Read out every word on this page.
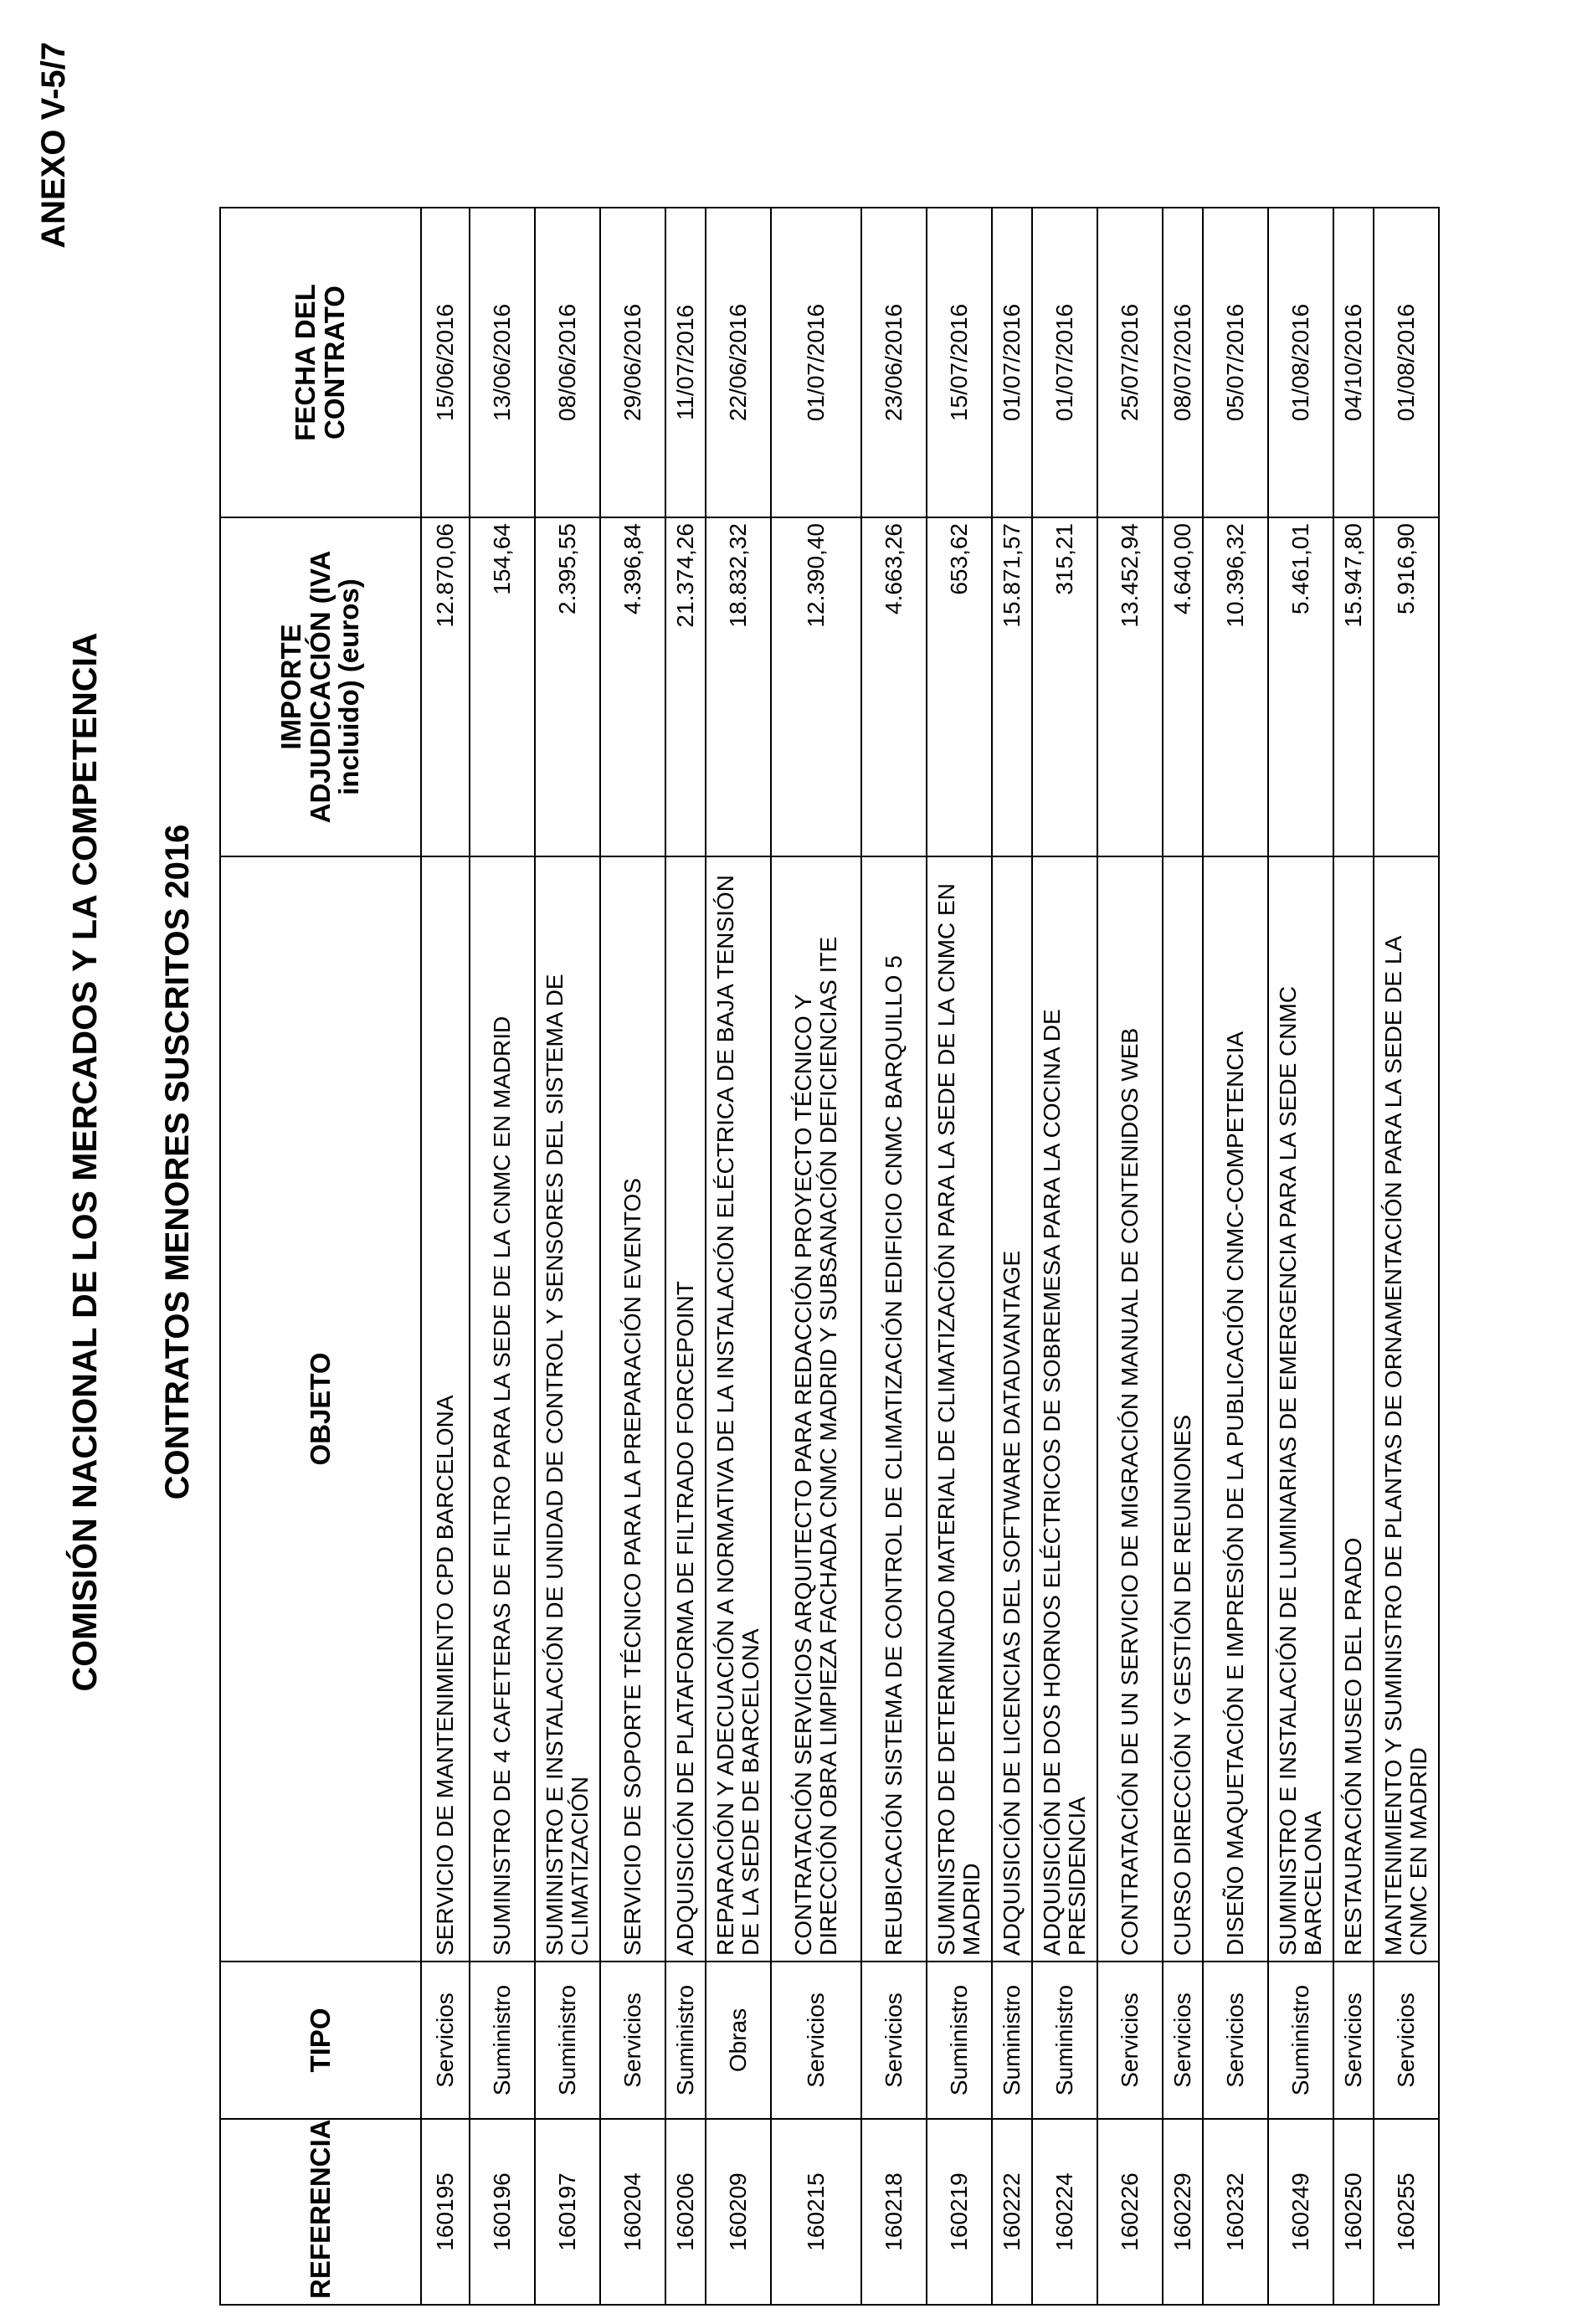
ANEXO V-5/7
COMISIÓN NACIONAL DE LOS MERCADOS Y LA COMPETENCIA CONTRATOS MENORES SUSCRITOS 2016
REFERENCIA	TIPO	OBJETO	IMPORTE ADJUDICACIÓN (IVA incluido) (euros)	FECHA DEL CONTRATO
160195	Servicios	SERVICIO DE MANTENIMIENTO CPD BARCELONA	12.870,06	15/06/2016
160196	Suministro	SUMINISTRO DE 4 CAFETERAS DE FILTRO PARA LA SEDE DE LA CNMC EN MADRID	154,64	13/06/2016
160197	Suministro	SUMINISTRO E INSTALACIÓN DE UNIDAD DE CONTROL Y SENSORES DEL SISTEMA DE CLIMATIZACIÓN	2.395,55	08/06/2016
160204	Servicios	SERVICIO DE SOPORTE TÉCNICO PARA LA PREPARACIÓN EVENTOS	4.396,84	29/06/2016
160206	Suministro	ADQUISICIÓN DE PLATAFORMA DE FILTRADO FORCEPOINT	21.374,26	11/07/2016
160209	Obras	REPARACIÓN Y ADECUACIÓN A NORMATIVA DE LA INSTALACIÓN ELÉCTRICA DE BAJA TENSIÓN DE LA SEDE DE BARCELONA	18.832,32	22/06/2016
160215	Servicios	CONTRATACIÓN SERVICIOS ARQUITECTO PARA REDACCIÓN PROYECTO TÉCNICO Y DIRECCIÓN OBRA LIMPIEZA FACHADA CNMC MADRID Y SUBSANACIÓN DEFICIENCIAS ITE	12.390,40	01/07/2016
160218	Servicios	REUBICACIÓN SISTEMA DE CONTROL DE CLIMATIZACIÓN EDIFICIO CNMC BARQUILLO 5	4.663,26	23/06/2016
160219	Suministro	SUMINISTRO DE DETERMINADO MATERIAL DE CLIMATIZACIÓN PARA LA SEDE DE LA CNMC EN MADRID	653,62	15/07/2016
160222	Suministro	ADQUISICIÓN DE LICENCIAS DEL SOFTWARE DATADVANTAGE	15.871,57	01/07/2016
160224	Suministro	ADQUISICIÓN DE DOS HORNOS ELÉCTRICOS DE SOBREMESA PARA LA COCINA DE PRESIDENCIA	315,21	01/07/2016
160226	Servicios	CONTRATACIÓN DE UN SERVICIO DE MIGRACIÓN MANUAL DE CONTENIDOS WEB	13.452,94	25/07/2016
160229	Servicios	CURSO DIRECCIÓN Y GESTIÓN DE REUNIONES	4.640,00	08/07/2016
160232	Servicios	DISEÑO MAQUETACIÓN E IMPRESIÓN DE LA PUBLICACIÓN CNMC-COMPETENCIA	10.396,32	05/07/2016
160249	Suministro	SUMINISTRO E INSTALACIÓN DE LUMINARIAS DE EMERGENCIA PARA LA SEDE CNMC BARCELONA	5.461,01	01/08/2016
160250	Servicios	RESTAURACIÓN MUSEO DEL PRADO	15.947,80	04/10/2016
160255	Servicios	MANTENIMIENTO Y SUMINISTRO DE PLANTAS DE ORNAMENTACIÓN PARA LA SEDE DE LA CNMC EN MADRID	5.916,90	01/08/2016
